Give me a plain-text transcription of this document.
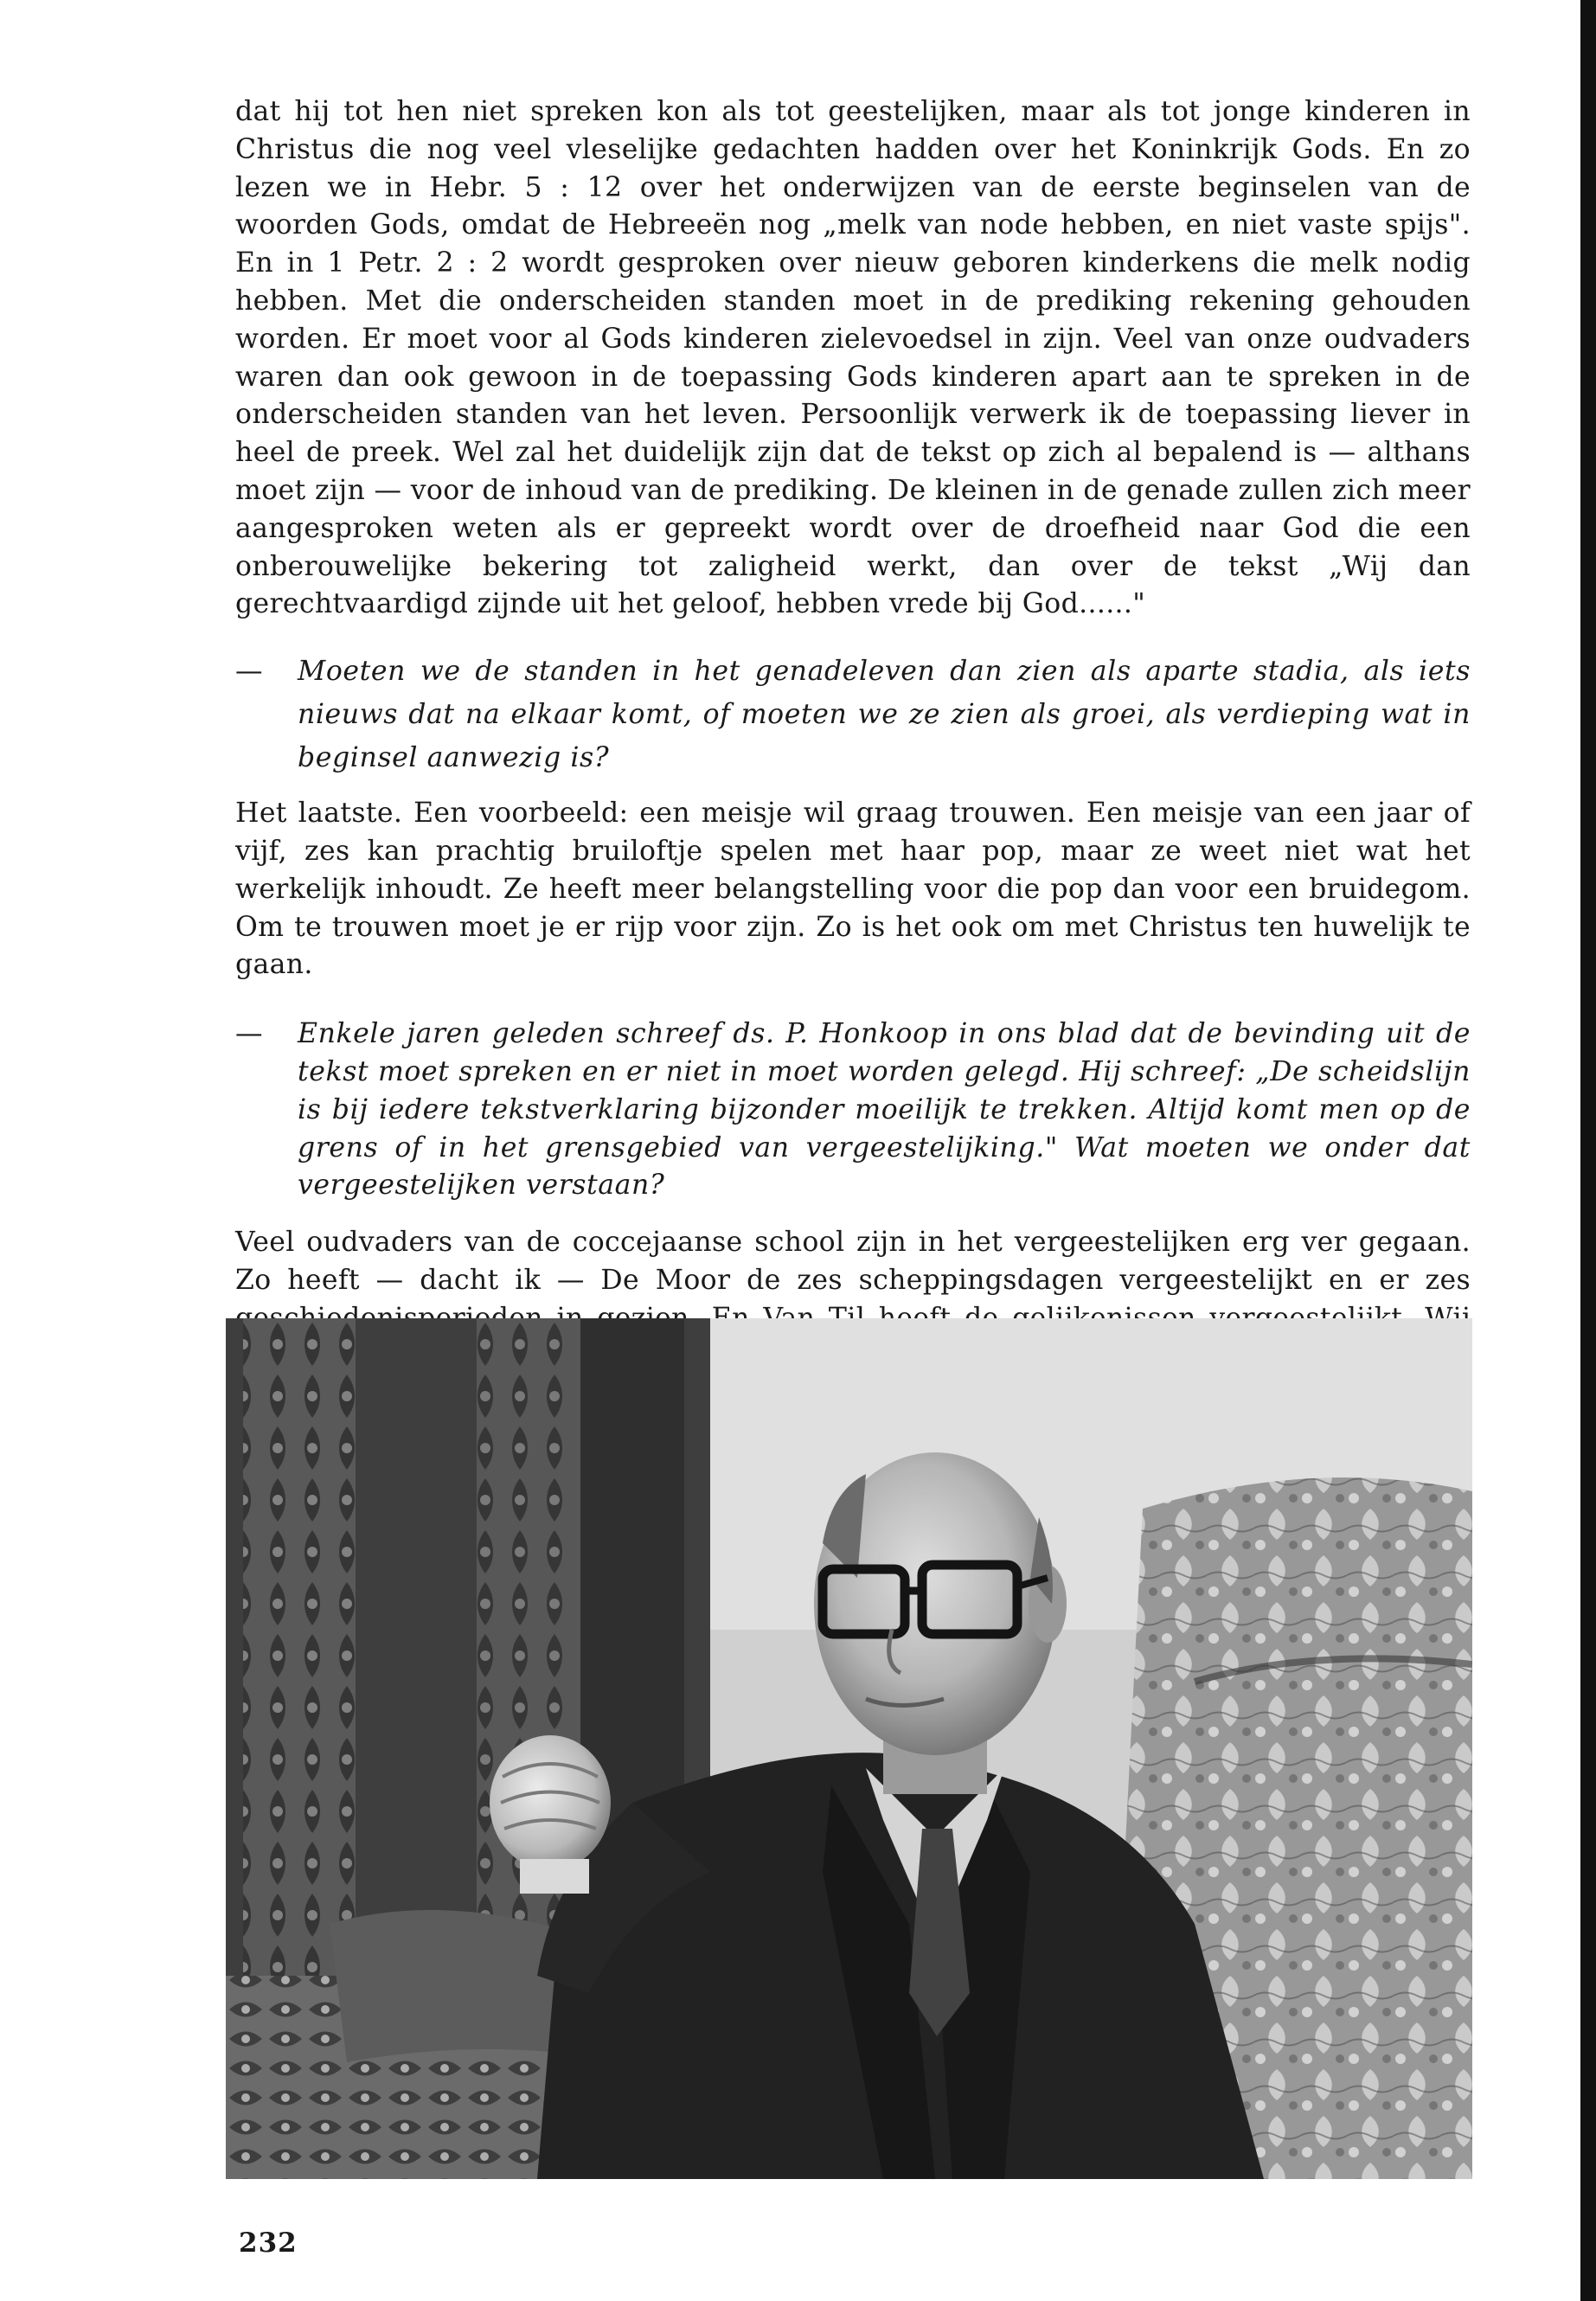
dat hij tot hen niet spreken kon als tot geestelijken, maar als tot jonge kinderen in Christus die nog veel vleselijke gedachten hadden over het Koninkrijk Gods. En zo lezen we in Hebr. 5 : 12 over het onderwijzen van de eerste beginselen van de woorden Gods, omdat de Hebreeën nog „melk van node hebben, en niet vaste spijs". En in 1 Petr. 2 : 2 wordt gesproken over nieuw geboren kinderkens die melk nodig hebben. Met die onderscheiden standen moet in de prediking rekening gehouden worden. Er moet voor al Gods kinderen zielevoedsel in zijn. Veel van onze oudvaders waren dan ook gewoon in de toepassing Gods kinderen apart aan te spreken in de onderscheiden standen van het leven. Persoonlijk verwerk ik de toepassing liever in heel de preek. Wel zal het duidelijk zijn dat de tekst op zich al bepalend is — althans moet zijn — voor de inhoud van de prediking. De kleinen in de genade zullen zich meer aangesproken weten als er gepreekt wordt over de droefheid naar God die een onberouwelijke bekering tot zaligheid werkt, dan over de tekst „Wij dan gerechtvaardigd zijnde uit het geloof, hebben vrede bij God......"

— Moeten we de standen in het genadeleven dan zien als aparte stadia, als iets nieuws dat na elkaar komt, of moeten we ze zien als groei, als verdieping wat in beginsel aanwezig is?

Het laatste. Een voorbeeld: een meisje wil graag trouwen. Een meisje van een jaar of vijf, zes kan prachtig bruiloftje spelen met haar pop, maar ze weet niet wat het werkelijk inhoudt. Ze heeft meer belangstelling voor die pop dan voor een bruidegom. Om te trouwen moet je er rijp voor zijn. Zo is het ook om met Christus ten huwelijk te gaan.

— Enkele jaren geleden schreef ds. P. Honkoop in ons blad dat de bevinding uit de tekst moet spreken en er niet in moet worden gelegd. Hij schreef: „De scheidslijn is bij iedere tekstverklaring bijzonder moeilijk te trekken. Altijd komt men op de grens of in het grensgebied van vergeestelijking." Wat moeten we onder dat vergeestelijken verstaan?

Veel oudvaders van de coccejaanse school zijn in het vergeestelijken erg ver gegaan. Zo heeft — dacht ik — De Moor de zes scheppingsdagen vergeestelijkt en er zes

232
